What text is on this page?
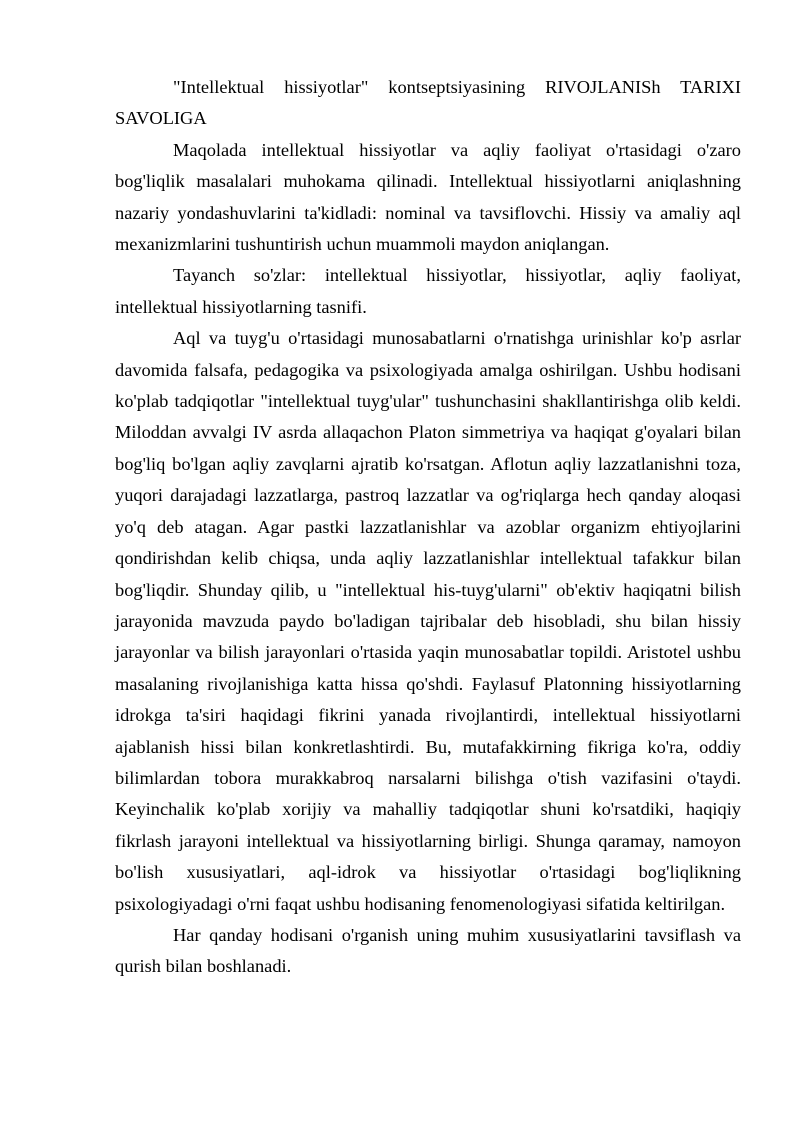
"Intellektual hissiyotlar" kontseptsiyasining RIVOJLANISh TARIXI SAVOLIGA

Maqolada intellektual hissiyotlar va aqliy faoliyat o'rtasidagi o'zaro bog'liqlik masalalari muhokama qilinadi. Intellektual hissiyotlarni aniqlashning nazariy yondashuvlarini ta'kidladi: nominal va tavsiflovchi. Hissiy va amaliy aql mexanizmlarini tushuntirish uchun muammoli maydon aniqlangan.

Tayanch so'zlar: intellektual hissiyotlar, hissiyotlar, aqliy faoliyat, intellektual hissiyotlarning tasnifi.

Aql va tuyg'u o'rtasidagi munosabatlarni o'rnatishga urinishlar ko'p asrlar davomida falsafa, pedagogika va psixologiyada amalga oshirilgan. Ushbu hodisani ko'plab tadqiqotlar "intellektual tuyg'ular" tushunchasini shakllantirishga olib keldi. Miloddan avvalgi IV asrda allaqachon Platon simmetriya va haqiqat g'oyalari bilan bog'liq bo'lgan aqliy zavqlarni ajratib ko'rsatgan. Aflotun aqliy lazzatlanishni toza, yuqori darajadagi lazzatlarga, pastroq lazzatlar va og'riqlarga hech qanday aloqasi yo'q deb atagan. Agar pastki lazzatlanishlar va azoblar organizm ehtiyojlarini qondirishdan kelib chiqsa, unda aqliy lazzatlanishlar intellektual tafakkur bilan bog'liqdir. Shunday qilib, u "intellektual his-tuyg'ularni" ob'ektiv haqiqatni bilish jarayonida mavzuda paydo bo'ladigan tajribalar deb hisobladi, shu bilan hissiy jarayonlar va bilish jarayonlari o'rtasida yaqin munosabatlar topildi. Aristotel ushbu masalaning rivojlanishiga katta hissa qo'shdi. Faylasuf Platonning hissiyotlarning idrokga ta'siri haqidagi fikrini yanada rivojlantirdi, intellektual hissiyotlarni ajablanish hissi bilan konkretlashtirdi. Bu, mutafakkirning fikriga ko'ra, oddiy bilimlardan tobora murakkabroq narsalarni bilishga o'tish vazifasini o'taydi. Keyinchalik ko'plab xorijiy va mahalliy tadqiqotlar shuni ko'rsatdiki, haqiqiy fikrlash jarayoni intellektual va hissiyotlarning birligi. Shunga qaramay, namoyon bo'lish xususiyatlari, aql-idrok va hissiyotlar o'rtasidagi bog'liqlikning psixologiyadagi o'rni faqat ushbu hodisaning fenomenologiyasi sifatida keltirilgan.

Har qanday hodisani o'rganish uning muhim xususiyatlarini tavsiflash va qurish bilan boshlanadi.
